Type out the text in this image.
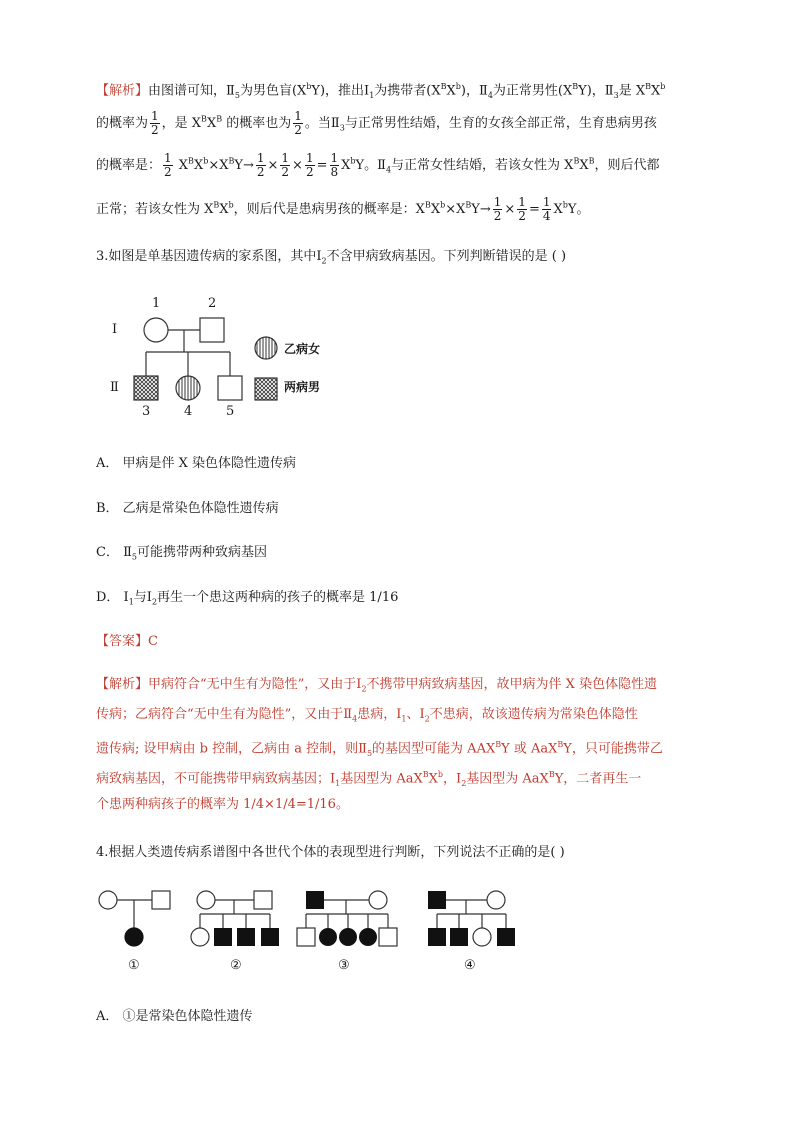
【解析】由图谱可知，$Ⅱ_5$为男色盲$(X^bY)$，推出$Ⅰ_1$为携带者$(X^BX^b)$，$Ⅱ_4$为正常男性$(X^BY)$，$Ⅱ_3$是 $X^BX^b$
的概率为 $\frac{1}{2}$ ，是 $X^BX^B$ 的概率也为 $\frac{1}{2}$ 。当$Ⅱ_3$与正常男性结婚，生育的女孩全部正常，生育患病男孩
的概率是： $\frac{1}{2} X^BX^b\times X^BY\to \frac{1}{2} \times \frac{1}{2} \times \frac{1}{2} = \frac{1}{8} X^bY$。$Ⅱ_4$与正常女性结婚，若该女性为 $X^BX^B$，则后代都
正常；若该女性为 $X^BX^b$，则后代是患病男孩的概率是：$X^BX^b\times X^BY\to \frac{1}{2} \times \frac{1}{2} = \frac{1}{4} X^bY$。
3.如图是单基因遗传病的家系图，其中$Ⅰ_2$不含甲病致病基因。下列判断错误的是 ( )
1	2
Ⅰ
Ⅱ
3	4	5
乙病女
两病男
A． 甲病是伴 X 染色体隐性遗传病
B． 乙病是常染色体隐性遗传病
C． $Ⅱ_5$可能携带两种致病基因
D． $Ⅰ_1$与$Ⅰ_2$再生一个患这两种病的孩子的概率是 1/16
【答案】C
【解析】甲病符合“无中生有为隐性”，又由于$Ⅰ_2$不携带甲病致病基因，故甲病为伴 X 染色体隐性遗
传病；乙病符合“无中生有为隐性”，又由于$Ⅱ_4$患病，$Ⅰ_1$、$Ⅰ_2$不患病，故该遗传病为常染色体隐性
遗传病; 设甲病由 b 控制，乙病由 a 控制，则$Ⅱ_5$的基因型可能为 $AAX^BY$ 或 AaX$^B$Y，只可能携带乙
病致病基因，不可能携带甲病致病基因；$Ⅰ_1$基因型为 $AaX^BX^b$，$Ⅰ_2$基因型为 AaX$^B$Y，二者再生一
个患两种病孩子的概率为 1/4×1/4=1/16。
4.根据人类遗传病系谱图中各世代个体的表现型进行判断，下列说法不正确的是( )
①	②	③	④
A． ①是常染色体隐性遗传
